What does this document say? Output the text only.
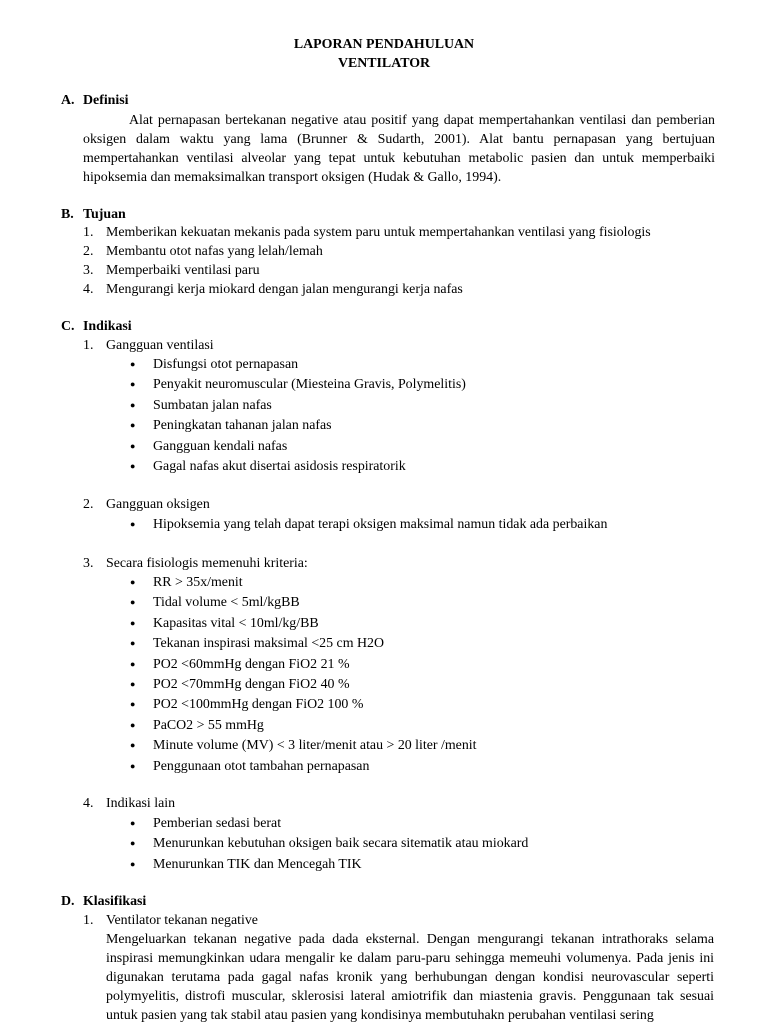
LAPORAN PENDAHULUAN
VENTILATOR
A. Definisi

Alat pernapasan bertekanan negative atau positif yang dapat mempertahankan ventilasi dan pemberian oksigen dalam waktu yang lama (Brunner & Sudarth, 2001). Alat bantu pernapasan yang bertujuan mempertahankan ventilasi alveolar yang tepat untuk kebutuhan metabolic pasien dan untuk memperbaiki hipoksemia dan memaksimalkan transport oksigen (Hudak & Gallo, 1994).

B. Tujuan
1. Memberikan kekuatan mekanis pada system paru untuk mempertahankan ventilasi yang fisiologis
2. Membantu otot nafas yang lelah/lemah
3. Memperbaiki ventilasi paru
4. Mengurangi kerja miokard dengan jalan mengurangi kerja nafas
C. Indikasi
1. Gangguan ventilasi
● Disfungsi otot pernapasan
● Penyakit neuromuscular (Miesteina Gravis, Polymelitis)
● Sumbatan jalan nafas
● Peningkatan tahanan jalan nafas
● Gangguan kendali nafas
● Gagal nafas akut disertai asidosis respiratorik
2. Gangguan oksigen
● Hipoksemia yang telah dapat terapi oksigen maksimal namun tidak ada perbaikan
3. Secara fisiologis memenuhi kriteria:
● RR > 35x/menit
● Tidal volume < 5ml/kgBB
● Kapasitas vital < 10ml/kg/BB
● Tekanan inspirasi maksimal <25 cm H2O
● PO2 <60mmHg dengan FiO2 21 %
● PO2 <70mmHg dengan FiO2 40 %
● PO2 <100mmHg dengan FiO2 100 %
● PaCO2 > 55 mmHg
● Minute volume (MV) < 3 liter/menit atau > 20 liter /menit
● Penggunaan otot tambahan pernapasan
4. Indikasi lain
● Pemberian sedasi berat
● Menurunkan kebutuhan oksigen baik secara sitematik atau miokard
● Menurunkan TIK dan Mencegah TIK
D. Klasifikasi
1. Ventilator tekanan negative
Mengeluarkan tekanan negative pada dada eksternal. Dengan mengurangi tekanan intrathoraks selama inspirasi memungkinkan udara mengalir ke dalam paru-paru sehingga memeuhi volumenya. Pada jenis ini digunakan terutama pada gagal nafas kronik yang berhubungan dengan kondisi neurovascular seperti polymyelitis, distrofi muscular, sklerosisi lateral amiotrifik dan miastenia gravis. Penggunaan tak sesuai untuk pasien yang tak stabil atau pasien yang kondisinya membutuhakn perubahan ventilasi sering
